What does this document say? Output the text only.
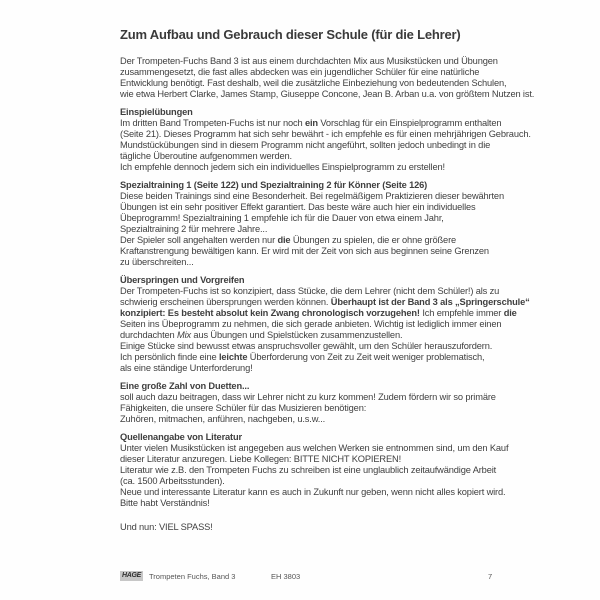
Zum Aufbau und Gebrauch dieser Schule (für die Lehrer)
Der Trompeten-Fuchs Band 3 ist aus einem durchdachten Mix aus Musikstücken und Übungen
zusammengesetzt, die fast alles abdecken was ein jugendlicher Schüler für eine natürliche
Entwicklung benötigt. Fast deshalb, weil die zusätzliche Einbeziehung von bedeutenden Schulen,
wie etwa Herbert Clarke, James Stamp, Giuseppe Concone, Jean B. Arban u.a. von größtem Nutzen ist.
Einspielübungen
Im dritten Band Trompeten-Fuchs ist nur noch ein Vorschlag für ein Einspielprogramm enthalten
(Seite 21). Dieses Programm hat sich sehr bewährt - ich empfehle es für einen mehrjährigen Gebrauch.
Mundstückübungen sind in diesem Programm nicht angeführt, sollten jedoch unbedingt in die
tägliche Überoutine aufgenommen werden.
Ich empfehle dennoch jedem sich ein individuelles Einspielprogramm zu erstellen!
Spezialtraining 1 (Seite 122) und Spezialtraining 2 für Könner (Seite 126)
Diese beiden Trainings sind eine Besonderheit. Bei regelmäßigem Praktizieren dieser bewährten
Übungen ist ein sehr positiver Effekt garantiert. Das beste wäre auch hier ein individuelles
Übeprogramm! Spezialtraining 1 empfehle ich für die Dauer von etwa einem Jahr,
Spezialtraining 2 für mehrere Jahre...
Der Spieler soll angehalten werden nur die Übungen zu spielen, die er ohne größere
Kraftanstrengung bewältigen kann. Er wird mit der Zeit von sich aus beginnen seine Grenzen
zu überschreiten...
Überspringen und Vorgreifen
Der Trompeten-Fuchs ist so konzipiert, dass Stücke, die dem Lehrer (nicht dem Schüler!) als zu
schwierig erscheinen übersprungen werden können. Überhaupt ist der Band 3 als „Springerschule“
konzipiert: Es besteht absolut kein Zwang chronologisch vorzugehen! Ich empfehle immer die
Seiten ins Übeprogramm zu nehmen, die sich gerade anbieten. Wichtig ist lediglich immer einen
durchdachten Mix aus Übungen und Spielstücken zusammenzustellen.
Einige Stücke sind bewusst etwas anspruchsvoller gewählt, um den Schüler herauszufordern.
Ich persönlich finde eine leichte Überforderung von Zeit zu Zeit weit weniger problematisch,
als eine ständige Unterforderung!
Eine große Zahl von Duetten...
soll auch dazu beitragen, dass wir Lehrer nicht zu kurz kommen! Zudem fördern wir so primäre
Fähigkeiten, die unsere Schüler für das Musizieren benötigen:
Zuhören, mitmachen, anführen, nachgeben, u.s.w...
Quellenangabe von Literatur
Unter vielen Musikstücken ist angegeben aus welchen Werken sie entnommen sind, um den Kauf
dieser Literatur anzuregen. Liebe Kollegen: BITTE NICHT KOPIEREN!
Literatur wie z.B. den Trompeten Fuchs zu schreiben ist eine unglaublich zeitaufwändige Arbeit
(ca. 1500 Arbeitsstunden).
Neue und interessante Literatur kann es auch in Zukunft nur geben, wenn nicht alles kopiert wird.
Bitte habt Verständnis!
Und nun: VIEL SPASS!
HAGE Trompeten Fuchs, Band 3	EH 3803	7
